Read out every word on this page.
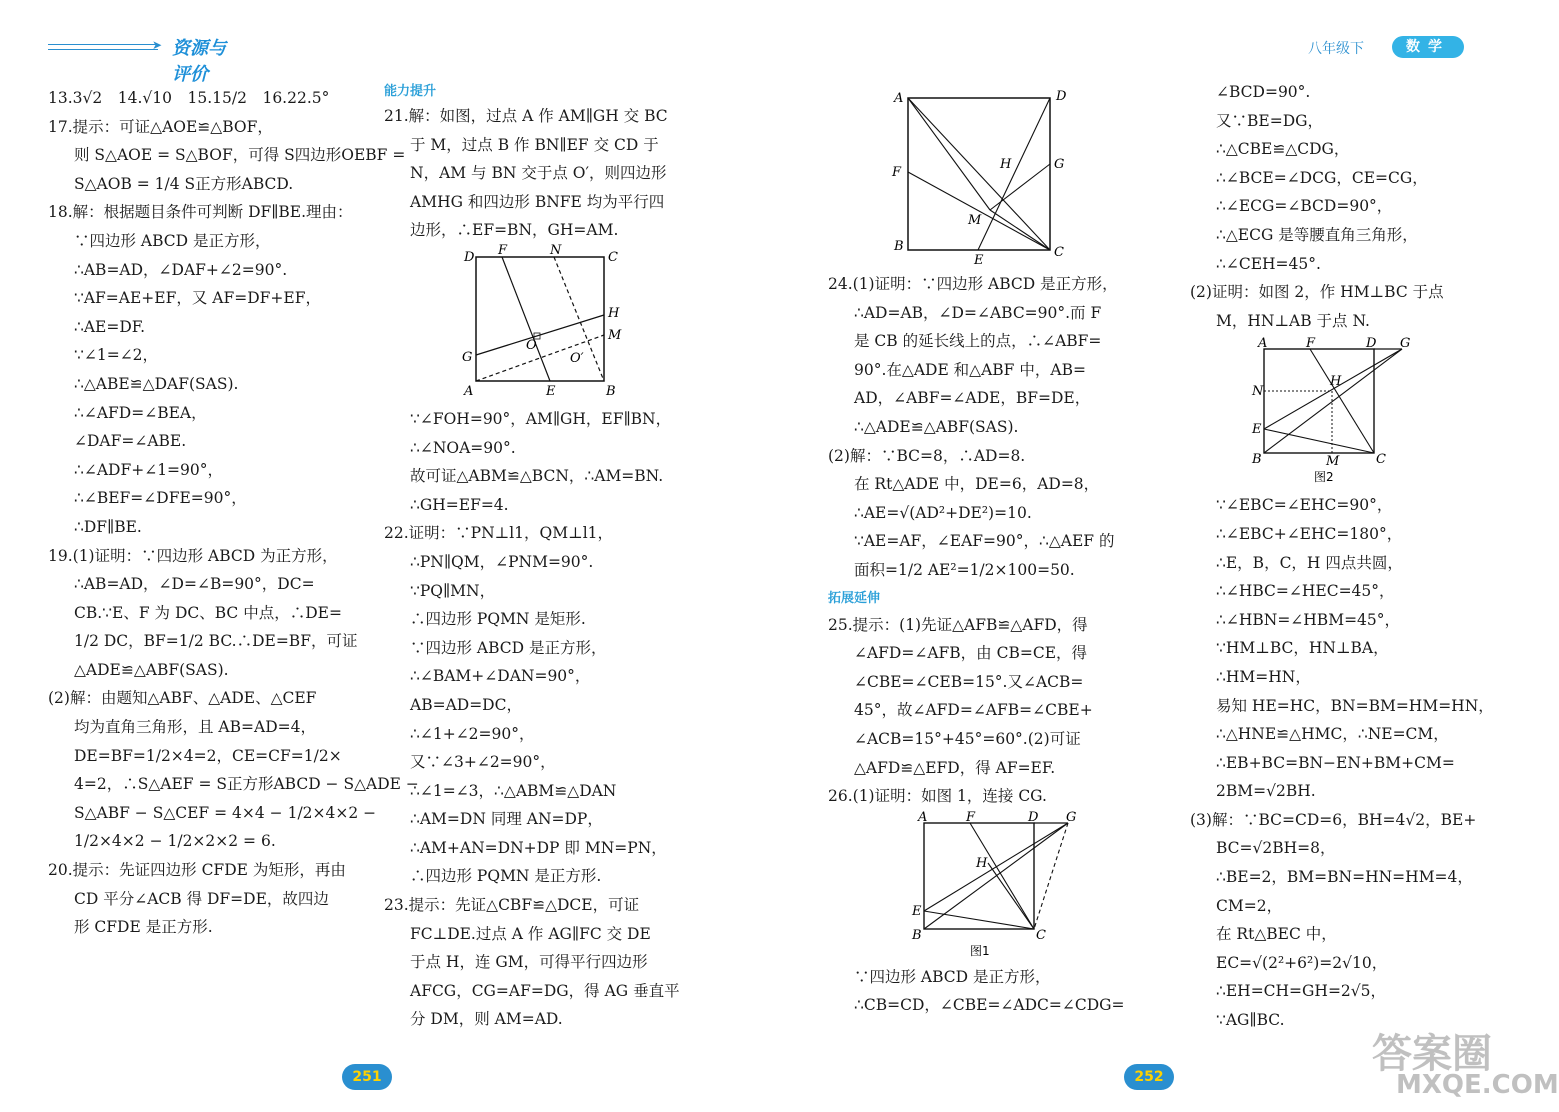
➤ 资源与评价
八年级下	数学

13.3√2　14.√10　15.15/2　16.22.5°

17.提示：可证△AOE≌△BOF，

则 S△AOE = S△BOF，可得 S四边形OEBF =

S△AOB = 1/4 S正方形ABCD.

18.解：根据题目条件可判断 DF∥BE.理由：

∵四边形 ABCD 是正方形，

∴AB=AD，∠DAF+∠2=90°.

∵AF=AE+EF，又 AF=DF+EF，

∴AE=DF.

∵∠1=∠2，

∴△ABE≌△DAF(SAS).

∴∠AFD=∠BEA，

∠DAF=∠ABE.

∴∠ADF+∠1=90°，

∴∠BEF=∠DFE=90°，

∴DF∥BE.

19.(1)证明：∵四边形 ABCD 为正方形，

∴AB=AD，∠D=∠B=90°，DC=

CB.∵E、F 为 DC、BC 中点，∴DE=

1/2 DC，BF=1/2 BC.∴DE=BF，可证

△ADE≌△ABF(SAS).

(2)解：由题知△ABF、△ADE、△CEF

均为直角三角形，且 AB=AD=4，

DE=BF=1/2×4=2，CE=CF=1/2×

4=2，∴S△AEF = S正方形ABCD − S△ADE −

S△ABF − S△CEF = 4×4 − 1/2×4×2 −

1/2×4×2 − 1/2×2×2 = 6.

20.提示：先证四边形 CFDE 为矩形，再由

CD 平分∠ACB 得 DF=DE，故四边

形 CFDE 是正方形.

能力提升

21.解：如图，过点 A 作 AM∥GH 交 BC

于 M，过点 B 作 BN∥EF 交 CD 于

N，AM 与 BN 交于点 O′，则四边形

AMHG 和四边形 BNFE 均为平行四

边形，∴EF=BN，GH=AM.

D F	N	C
H
M
O
O′
G
A	E	B

∵∠FOH=90°，AM∥GH，EF∥BN，

∴∠NOA=90°.

故可证△ABM≌△BCN，∴AM=BN.

∴GH=EF=4.

22.证明：∵PN⊥l1，QM⊥l1，

∴PN∥QM，∠PNM=90°.

∵PQ∥MN，

∴四边形 PQMN 是矩形.

∵四边形 ABCD 是正方形，

∴∠BAM+∠DAN=90°，

AB=AD=DC，

∴∠1+∠2=90°，

又∵∠3+∠2=90°，

∴∠1=∠3，∴△ABM≌△DAN

∴AM=DN 同理 AN=DP，

∴AM+AN=DN+DP 即 MN=PN，

∴四边形 PQMN 是正方形.

23.提示：先证△CBF≌△DCE，可证

FC⊥DE.过点 A 作 AG∥FC 交 DE

于点 H，连 GM，可得平行四边形

AFCG，CG=AF=DG，得 AG 垂直平

分 DM，则 AM=AD.

A	D
F
H	G
M
B
E
C

24.(1)证明：∵四边形 ABCD 是正方形，

∴AD=AB，∠D=∠ABC=90°.而 F

是 CB 的延长线上的点，∴∠ABF=

90°.在△ADE 和△ABF 中，AB=

AD，∠ABF=∠ADE，BF=DE，

∴△ADE≌△ABF(SAS).

(2)解：∵BC=8，∴AD=8.

在 Rt△ADE 中，DE=6，AD=8，

∴AE=√(AD²+DE²)=10.

∵AE=AF，∠EAF=90°，∴△AEF 的

面积=1/2 AE²=1/2×100=50.

拓展延伸

25.提示：(1)先证△AFB≌△AFD，得

∠AFD=∠AFB，由 CB=CE，得

∠CBE=∠CEB=15°.又∠ACB=

45°，故∠AFD=∠AFB=∠CBE+

∠ACB=15°+45°=60°.(2)可证

△AFD≌△EFD，得 AF=EF.

26.(1)证明：如图 1，连接 CG.

A	F	D G
H
E
B	C
图1

∵四边形 ABCD 是正方形，

∴CB=CD，∠CBE=∠ADC=∠CDG=

∠BCD=90°.

又∵BE=DG，

∴△CBE≌△CDG，

∴∠BCE=∠DCG，CE=CG，

∴∠ECG=∠BCD=90°，

∴△ECG 是等腰直角三角形，

∴∠CEH=45°.

(2)证明：如图 2，作 HM⊥BC 于点

M，HN⊥AB 于点 N.

A	F	D G
N
H
E
B	M	C
图2

∵∠EBC=∠EHC=90°，

∴∠EBC+∠EHC=180°，

∴E，B，C，H 四点共圆，

∴∠HBC=∠HEC=45°，

∴∠HBN=∠HBM=45°，

∵HM⊥BC，HN⊥BA，

∴HM=HN，

易知 HE=HC，BN=BM=HM=HN，

∴△HNE≌△HMC，∴NE=CM，

∴EB+BC=BN−EN+BM+CM=

2BM=√2BH.

(3)解：∵BC=CD=6，BH=4√2，BE+

BC=√2BH=8，

∴BE=2，BM=BN=HN=HM=4，

CM=2，

在 Rt△BEC 中，

EC=√(2²+6²)=2√10，

∴EH=CH=GH=2√5，

∵AG∥BC.

251	252	答案圈
MXQE.COM
